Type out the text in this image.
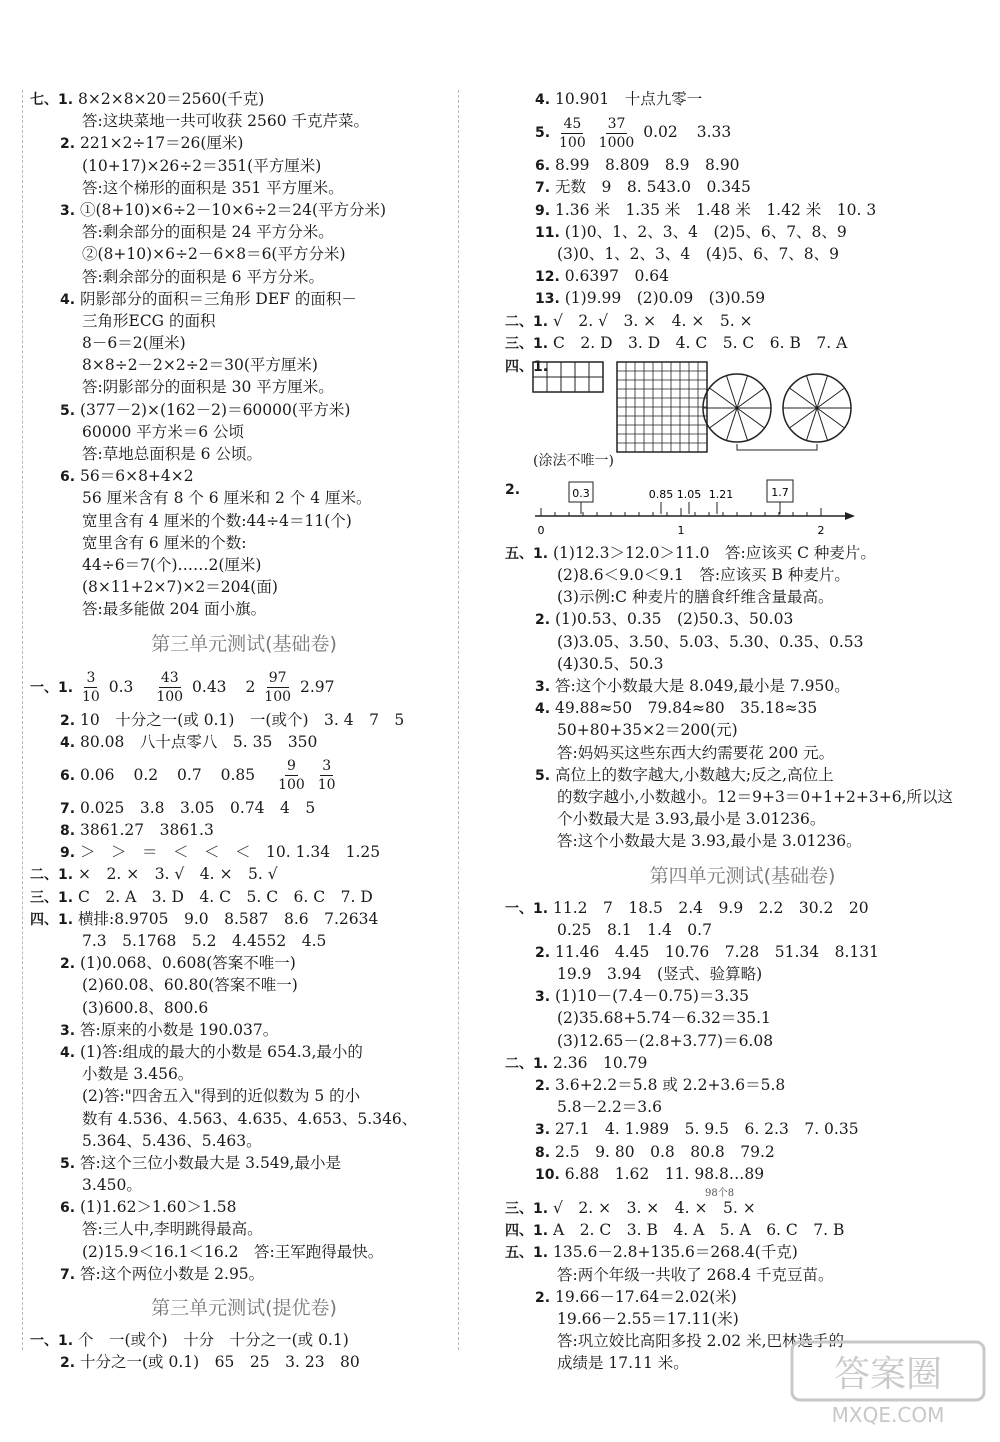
七、1. 8×2×8×20＝2560(千克)
答:这块菜地一共可收获 2560 千克芹菜。
2. 221×2÷17＝26(厘米)
(10+17)×26÷2＝351(平方厘米)
答:这个梯形的面积是 351 平方厘米。
3. ①(8+10)×6÷2－10×6÷2＝24(平方分米)
答:剩余部分的面积是 24 平方分米。
②(8+10)×6÷2－6×8＝6(平方分米)
答:剩余部分的面积是 6 平方分米。
4. 阴影部分的面积＝三角形 DEF 的面积－
三角形ECG 的面积
8－6＝2(厘米)
8×8÷2－2×2÷2＝30(平方厘米)
答:阴影部分的面积是 30 平方厘米。
5. (377－2)×(162－2)＝60000(平方米)
60000 平方米＝6 公顷
答:草地总面积是 6 公顷。
6. 56＝6×8+4×2
56 厘米含有 8 个 6 厘米和 2 个 4 厘米。
宽里含有 4 厘米的个数:44÷4＝11(个)
宽里含有 6 厘米的个数:
44÷6＝7(个)……2(厘米)
(8×11+2×7)×2＝204(面)
答:最多能做 204 面小旗。
第三单元测试(基础卷)
一、1. $\frac{3}{10} 0.3 \frac{43}{100} 0.43$ $2 \frac{97}{100} 2.97$
2. 10　十分之一(或 0.1)　一(或个)　3. 4　7　5
4. 80.08　八十点零八　5. 35　350
6. 0.06 0.2 0.7 $0.85 \frac{9}{100}$
$\frac{3}{10}$
7. 0.025　3.8　3.05　0.74　4　5
8. 3861.27　3861.3
9. ＞　＞　＝　＜　＜　＜　10. 1.34　1.25
二、1. ×　2. ×　3. √　4. ×　5. √
三、1. C　2. A　3. D　4. C　5. C　6. C　7. D
四、1. 横排:8.9705　9.0　8.587　8.6　7.2634
7.3　5.1768　5.2　4.4552　4.5
2. (1)0.068、0.608(答案不唯一)
(2)60.08、60.80(答案不唯一)
(3)600.8、800.6
3. 答:原来的小数是 190.037。
4. (1)答:组成的最大的小数是 654.3,最小的
小数是 3.456。
(2)答:"四舍五入"得到的近似数为 5 的小
数有 4.536、4.563、4.635、4.653、5.346、
5.364、5.436、5.463。
5. 答:这个三位小数最大是 3.549,最小是
3.450。
6. (1)1.62＞1.60＞1.58
答:三人中,李明跳得最高。
(2)15.9＜16.1＜16.2　答:王军跑得最快。
7. 答:这个两位小数是 2.95。
第三单元测试(提优卷)
一、1. 个　一(或个)　十分　十分之一(或 0.1)
2. 十分之一(或 0.1)　65　25　3. 23　80
4. 10.901　十点九零一
5. $\frac{45}{100}$
$\frac{37}{1000} 0.02$ 3.33
6. 8.99　8.809　8.9　8.90
7. 无数　9　8. 543.0　0.345
9. 1.36 米　1.35 米　1.48 米　1.42 米　10. 3
11. (1)0、1、2、3、4　(2)5、6、7、8、9
(3)0、1、2、3、4　(4)5、6、7、8、9
12. 0.6397　0.64
13. (1)9.99　(2)0.09　(3)0.59
二、1. √　2. √　3. ×　4. ×　5. ×
三、1. C　2. D　3. D　4. C　5. C　6. B　7. A
四、1.
(涂法不唯一)
2.	0.3	1.7
0.85 1.05 1.21
0	1	2
五、1. (1)12.3＞12.0＞11.0　答:应该买 C 种麦片。
(2)8.6＜9.0＜9.1　答:应该买 B 种麦片。
(3)示例:C 种麦片的膳食纤维含量最高。
2. (1)0.53、0.35　(2)50.3、50.03
(3)3.05、3.50、5.03、5.30、0.35、0.53
(4)30.5、50.3
3. 答:这个小数最大是 8.049,最小是 7.950。
4. 49.88≈50　79.84≈80　35.18≈35
50+80+35×2＝200(元)
答:妈妈买这些东西大约需要花 200 元。
5. 高位上的数字越大,小数越大;反之,高位上
的数字越小,小数越小。12＝9+3＝0+1+2+3+6,所以这
个小数最大是 3.93,最小是 3.01236。
答:这个小数最大是 3.93,最小是 3.01236。
第四单元测试(基础卷)
一、1. 11.2　7　18.5　2.4　9.9　2.2　30.2　20
0.25　8.1　1.4　0.7
2. 11.46　4.45　10.76　7.28　51.34　8.131
19.9　3.94　(竖式、验算略)
3. (1)10－(7.4－0.75)＝3.35
(2)35.68+5.74－6.32＝35.1
(3)12.65－(2.8+3.77)＝6.08
二、1. 2.36　10.79
2. 3.6+2.2＝5.8 或 2.2+3.6＝5.8
5.8－2.2＝3.6
3. 27.1　4. 1.989　5. 9.5　6. 2.3　7. 0.35
8. 2.5　9. 80　0.8　80.8　79.2
10. 6.88　1.62　11. 98.8…89
98个8
三、1. √　2. ×　3. ×　4. ×　5. ×
四、1. A　2. C　3. B　4. A　5. A　6. C　7. B
五、1. 135.6－2.8+135.6＝268.4(千克)
答:两个年级一共收了 268.4 千克豆苗。
2. 19.66－17.64＝2.02(米)
19.66－2.55＝17.11(米)
答:巩立姣比高阳多投 2.02 米,巴林选手的
成绩是 17.11 米。	答案圈
MXQE.COM
